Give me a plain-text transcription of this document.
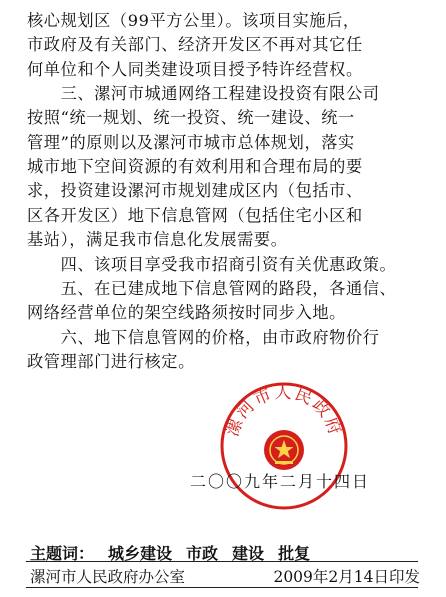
核心规划区（99平方公里）。该项目实施后，
市政府及有关部门、经济开发区不再对其它任
何单位和个人同类建设项目授予特许经营权。
　　三、漯河市城通网络工程建设投资有限公司
按照“统一规划、统一投资、统一建设、统一
管理”的原则以及漯河市城市总体规划，落实
城市地下空间资源的有效利用和合理布局的要
求，投资建设漯河市规划建成区内（包括市、
区各开发区）地下信息管网（包括住宅小区和
基站），满足我市信息化发展需要。
　　四、该项目享受我市招商引资有关优惠政策。
　　五、在已建成地下信息管网的路段，各通信、
网络经营单位的架空线路须按时同步入地。
　　六、地下信息管网的价格，由市政府物价行
政管理部门进行核定。
漯河市人民政府
二〇〇九年二月十四日
主题词： 城乡建设 市政 建设 批复
漯河市人民政府办公室	2009年2月14日印发
